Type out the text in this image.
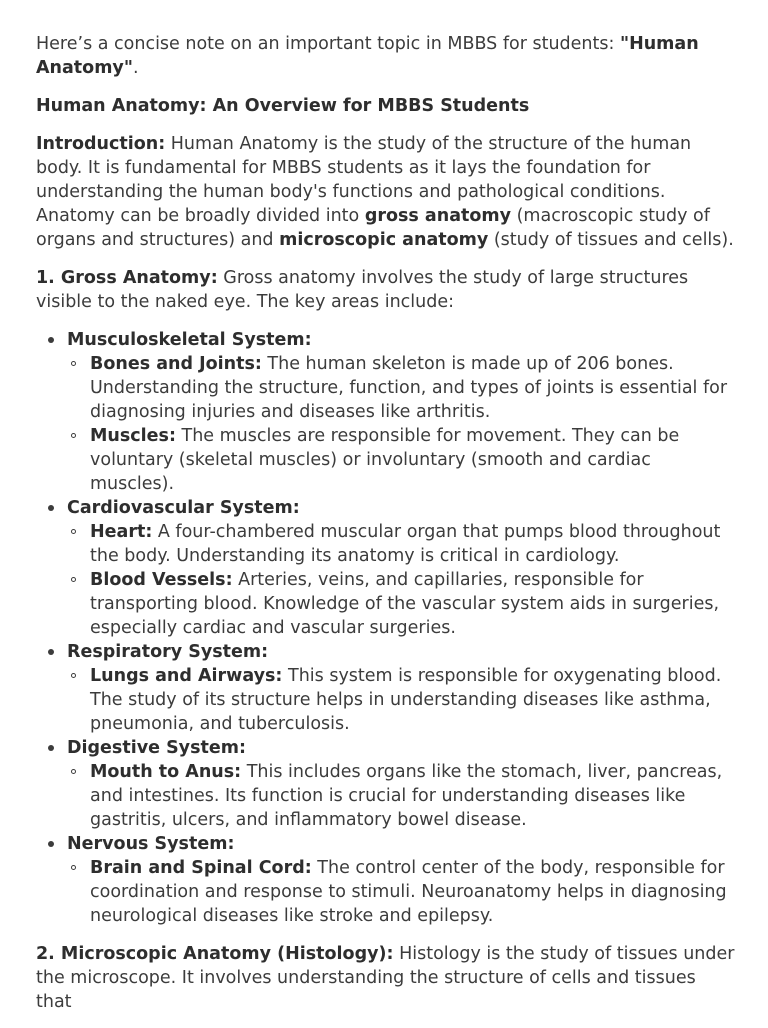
Here’s a concise note on an important topic in MBBS for students: "Human Anatomy".

Human Anatomy: An Overview for MBBS Students

Introduction: Human Anatomy is the study of the structure of the human body. It is fundamental for MBBS students as it lays the foundation for understanding the human body's functions and pathological conditions. Anatomy can be broadly divided into gross anatomy (macroscopic study of organs and structures) and microscopic anatomy (study of tissues and cells).

1. Gross Anatomy: Gross anatomy involves the study of large structures visible to the naked eye. The key areas include:

Musculoskeletal System:
Bones and Joints: The human skeleton is made up of 206 bones. Understanding the structure, function, and types of joints is essential for diagnosing injuries and diseases like arthritis.
Muscles: The muscles are responsible for movement. They can be voluntary (skeletal muscles) or involuntary (smooth and cardiac muscles).
Cardiovascular System:
Heart: A four-chambered muscular organ that pumps blood throughout the body. Understanding its anatomy is critical in cardiology.
Blood Vessels: Arteries, veins, and capillaries, responsible for transporting blood. Knowledge of the vascular system aids in surgeries, especially cardiac and vascular surgeries.
Respiratory System:
Lungs and Airways: This system is responsible for oxygenating blood. The study of its structure helps in understanding diseases like asthma, pneumonia, and tuberculosis.
Digestive System:
Mouth to Anus: This includes organs like the stomach, liver, pancreas, and intestines. Its function is crucial for understanding diseases like gastritis, ulcers, and inflammatory bowel disease.
Nervous System:
Brain and Spinal Cord: The control center of the body, responsible for coordination and response to stimuli. Neuroanatomy helps in diagnosing neurological diseases like stroke and epilepsy.

2. Microscopic Anatomy (Histology): Histology is the study of tissues under the microscope. It involves understanding the structure of cells and tissues that
